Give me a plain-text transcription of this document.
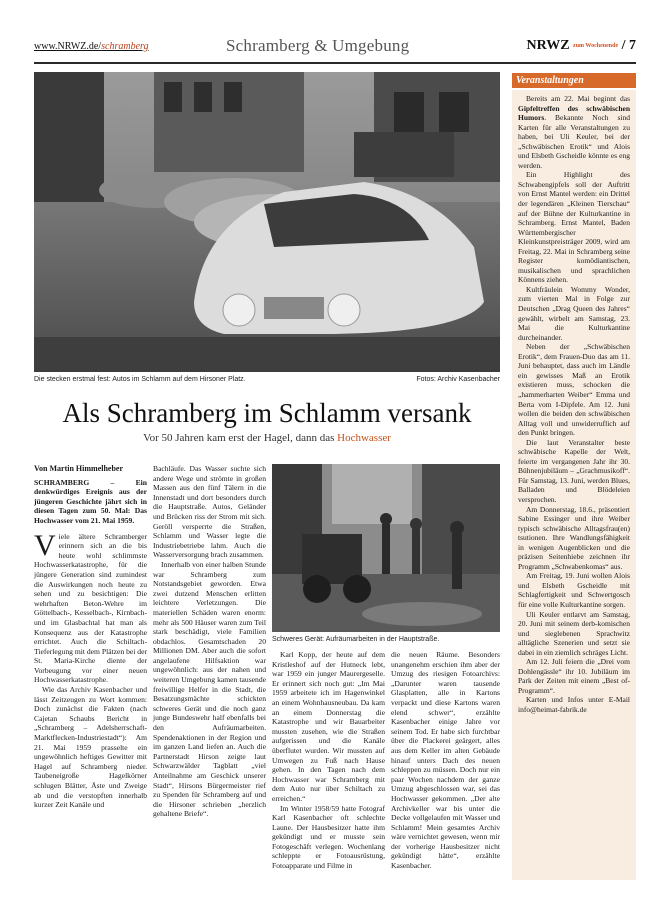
www.NRWZ.de/schramberg	Schramberg & Umgebung	NRWZ zum Wochenende / 7
Die stecken erstmal fest: Autos im Schlamm auf dem Hirsoner Platz.	Fotos: Archiv Kasenbacher
Als Schramberg im Schlamm versank
Vor 50 Jahren kam erst der Hagel, dann das Hochwasser
Von Martin Himmelheber

SCHRAMBERG – Ein denkwürdiges Ereignis aus der jüngeren Geschichte jährt sich in diesen Tagen zum 50. Mal: Das Hochwasser vom 21. Mai 1959.

Viele ältere Schramberger erinnern sich an die bis heute wohl schlimmste Hochwasserkatastrophe, für die jüngere Generation sind zumindest die Auswirkungen noch heute zu sehen und zu besichtigen: Die wehrhaften Beton-Wehre im Göttelbach-, Kesselbach-, Kirnbach- und im Glasbachtal hat man als Konsequenz aus der Katastrophe errichtet. Auch die Schiltach-Tieferlegung mit dem Plätzen bei der St. Maria-Kirche diente der Vorbeugung vor einer neuen Hochwasserkatastrophe.

Wie das Archiv Kasenbacher und lässt Zeitzeugen zu Wort kommen: Doch zunächst die Fakten (nach Cajetan Schaubs Bericht in „Schramberg – Adelsherrschaft-Marktflecken-Industriestadt“): Am 21. Mai 1959 prasselte ein ungewöhnlich heftiges Gewitter mit Hagel auf Schramberg nieder. Taubeneigroße Hagelkörner schlugen Blätter, Äste und Zweige ab und die verstopften innerhalb kurzer Zeit Kanäle und

Bachläufe. Das Wasser suchte sich andere Wege und strömte in großen Massen aus den fünf Tälern in die Innenstadt und dort besonders durch die Hauptstraße. Autos, Geländer und Brücken riss der Strom mit sich. Geröll versperrte die Straßen, Schlamm und Wasser legte die Industriebetriebe lahm. Auch die Wasserversorgung brach zusammen.

Innerhalb von einer halben Stunde war Schramberg zum Notstandsgebiet geworden. Etwa zwei dutzend Menschen erlitten leichtere Verletzungen. Die materiellen Schäden waren enorm: mehr als 500 Häuser waren zum Teil stark beschädigt, viele Familien obdachlos. Gesamtschaden 20 Millionen DM. Aber auch die sofort angelaufene Hilfsaktion war ungewöhnlich: aus der nahen und weiteren Umgebung kamen tausende freiwillige Helfer in die Stadt, die Besatzungsmächte schickten schweres Gerät und die noch ganz junge Bundeswehr half ebenfalls bei den Aufräumarbeiten. Spendenaktionen in der Region und im ganzen Land liefen an. Auch die Partnerstadt Hirson zeigte laut Schwarzwälder Tagblatt „viel Anteilnahme am Geschick unserer Stadt“, Hirsons Bürgermeister rief zu Spenden für Schramberg auf und die Hirsoner schrieben „herzlich gehaltene Briefe“.

Schweres Gerät: Aufräumarbeiten in der Hauptstraße.

Karl Kopp, der heute auf dem Kristleshof auf der Hutneck lebt, war 1959 ein junger Maurergeselle. Er erinnert sich noch gut: „Im Mai 1959 arbeitete ich im Hagenwinkel an einem Wohnhausneubau. Da kam an einem Donnerstag die Katastrophe und wir Bauarbeiter mussten zusehen, wie die Straßen aufgerissen und die Kanäle überflutet wurden. Wir mussten auf Umwegen zu Fuß nach Hause gehen. In den Tagen nach dem Hochwasser war Schramberg mit dem Auto nur über Schiltach zu erreichen.“

Im Winter 1958/59 hatte Fotograf Karl Kasenbacher oft schlechte Laune. Der Hausbesitzer hatte ihm gekündigt und er musste sein Fotogeschäft verlegen. Wochenlang schleppte er Fotoausrüstung, Fotoapparate und Filme in

die neuen Räume. Besonders unangenehm erschien ihm aber der Umzug des riesigen Fotoarchivs: „Darunter waren tausende Glasplatten, alle in Kartons verpackt und diese Kartons waren elend schwer“, erzählte Kasenbacher einige Jahre vor seinem Tod. Er habe sich furchtbar über die Plackerei geärgert, alles aus dem Keller im alten Gebäude hinauf unters Dach des neuen schleppen zu müssen. Doch nur ein paar Wochen nachdem der ganze Umzug abgeschlossen war, sei das Hochwasser gekommen. „Der alte Archivkeller war bis unter die Decke vollgelaufen mit Wasser und Schlamm! Mein gesamtes Archiv wäre vernichtet gewesen, wenn mir der vorherige Hausbesitzer nicht gekündigt hätte“, erzählte Kasenbacher.

Veranstaltungen

Bereits am 22. Mai beginnt das Gipfeltreffen des schwäbischen Humors. Bekannte Noch sind Karten für alle Veranstaltungen zu haben, bei Uli Keuler, bei der „Schwäbischen Erotik“ und Alois und Elsbeth Gscheidle könnte es eng werden.

Ein Highlight des Schwabengipfels soll der Auftritt von Ernst Mantel werden: ein Drittel der legendären „Kleinen Tierschau“ auf der Bühne der Kulturkantine in Schramberg. Ernst Mantel, Baden Württembergischer Kleinkunstpreisträger 2009, wird am Freitag, 22. Mai in Schramberg seine Register komödiantischen, musikalischen und sprachlichen Könnens ziehen.

Kultfräulein Wommy Wonder, zum vierten Mal in Folge zur Deutschen „Drag Queen des Jahres“ gewählt, wirbelt am Samstag, 23. Mai die Kulturkantine durcheinander.

Neben der „Schwäbischen Erotik“, dem Frauen-Duo das am 11. Juni behauptet, dass auch im Ländle ein gewisses Maß an Erotik existieren muss, schocken die „hammerharten Weiber“ Emma und Berta vom I-Dipfele. Am 12. Juni wollen die beiden den schwäbischen Alltag voll und unwiderruflich auf den Punkt bringen.

Die laut Veranstalter beste schwäbische Kapelle der Welt, feierte im vergangenen Jahr ihr 30. Bühnenjubiläum – „Grachmusikoff“. Für Samstag, 13. Juni, werden Blues, Balladen und Blödeleien versprochen.

Am Donnerstag, 18.6., präsentiert Sabine Essinger und ihre Weiber typisch schwäbische Alltagsfrau(en) tsutionen. Ihre Wandlungsfähigkeit in wenigen Augenblicken und die präzisen Seitenhiebe zeichnen ihr Programm „Schwabenkomas“ aus.

Am Freitag, 19. Juni wollen Alois und Elsbeth Gscheidle mit Schlagfertigkeit und Schwertgosch für eine volle Kulturkantine sorgen.

Uli Keuler entlarvt am Samstag, 20. Juni mit seinem derb-komischen und sieglebenen Sprachwitz alltägliche Szenerien und setzt sie dabei in ein ziemlich schräges Licht.

Am 12. Juli feiern die „Drei vom Dohlengässle“ ihr 10. Jubiläum im Park der Zeiten mit einem „Best of-Programm“.

Karten und Infos unter E-Mail info@heimat-fabrik.de
